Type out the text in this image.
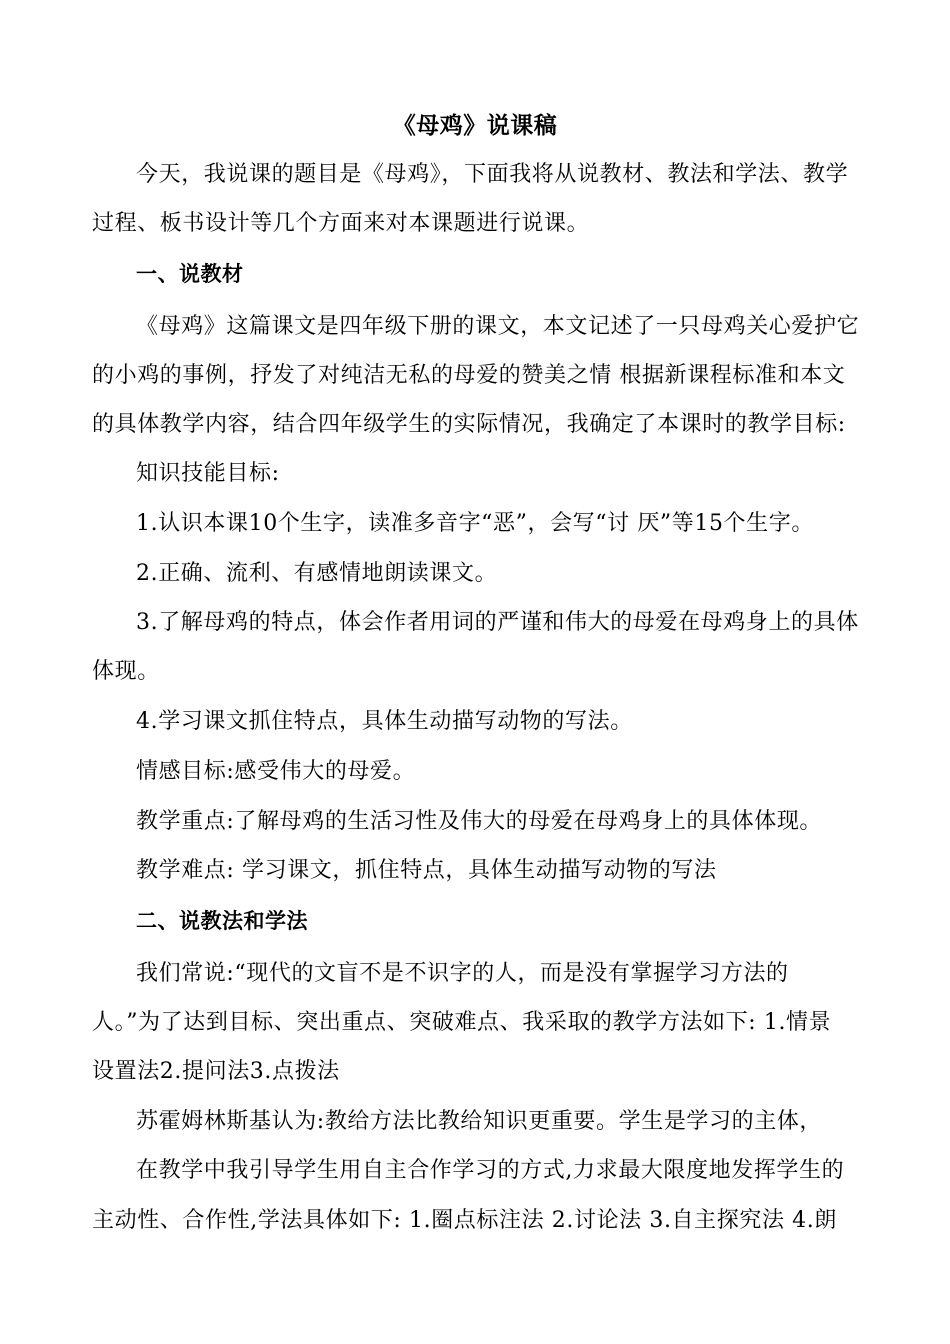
《母鸡》说课稿
今天，我说课的题目是《母鸡》，下面我将从说教材、教法和学法、教学
过程、板书设计等几个方面来对本课题进行说课。
一、说教材
《母鸡》这篇课文是四年级下册的课文，本文记述了一只母鸡关心爱护它
的小鸡的事例，抒发了对纯洁无私的母爱的赞美之情 根据新课程标准和本文
的具体教学内容，结合四年级学生的实际情况，我确定了本课时的教学目标:
知识技能目标:
1.认识本课10个生字，读准多音字“恶”，会写“讨 厌”等15个生字。
2.正确、流利、有感情地朗读课文。
3.了解母鸡的特点，体会作者用词的严谨和伟大的母爱在母鸡身上的具体
体现。
4.学习课文抓住特点，具体生动描写动物的写法。
情感目标:感受伟大的母爱。
教学重点:了解母鸡的生活习性及伟大的母爱在母鸡身上的具体体现。
教学难点: 学习课文，抓住特点，具体生动描写动物的写法
二、说教法和学法
我们常说:“现代的文盲不是不识字的人，而是没有掌握学习方法的
人。”为了达到目标、突出重点、突破难点、我采取的教学方法如下: 1.情景
设置法2.提问法3.点拨法
苏霍姆林斯基认为:教给方法比教给知识更重要。学生是学习的主体，
在教学中我引导学生用自主合作学习的方式,力求最大限度地发挥学生的
主动性、合作性,学法具体如下: 1.圈点标注法 2.讨论法 3.自主探究法 4.朗
